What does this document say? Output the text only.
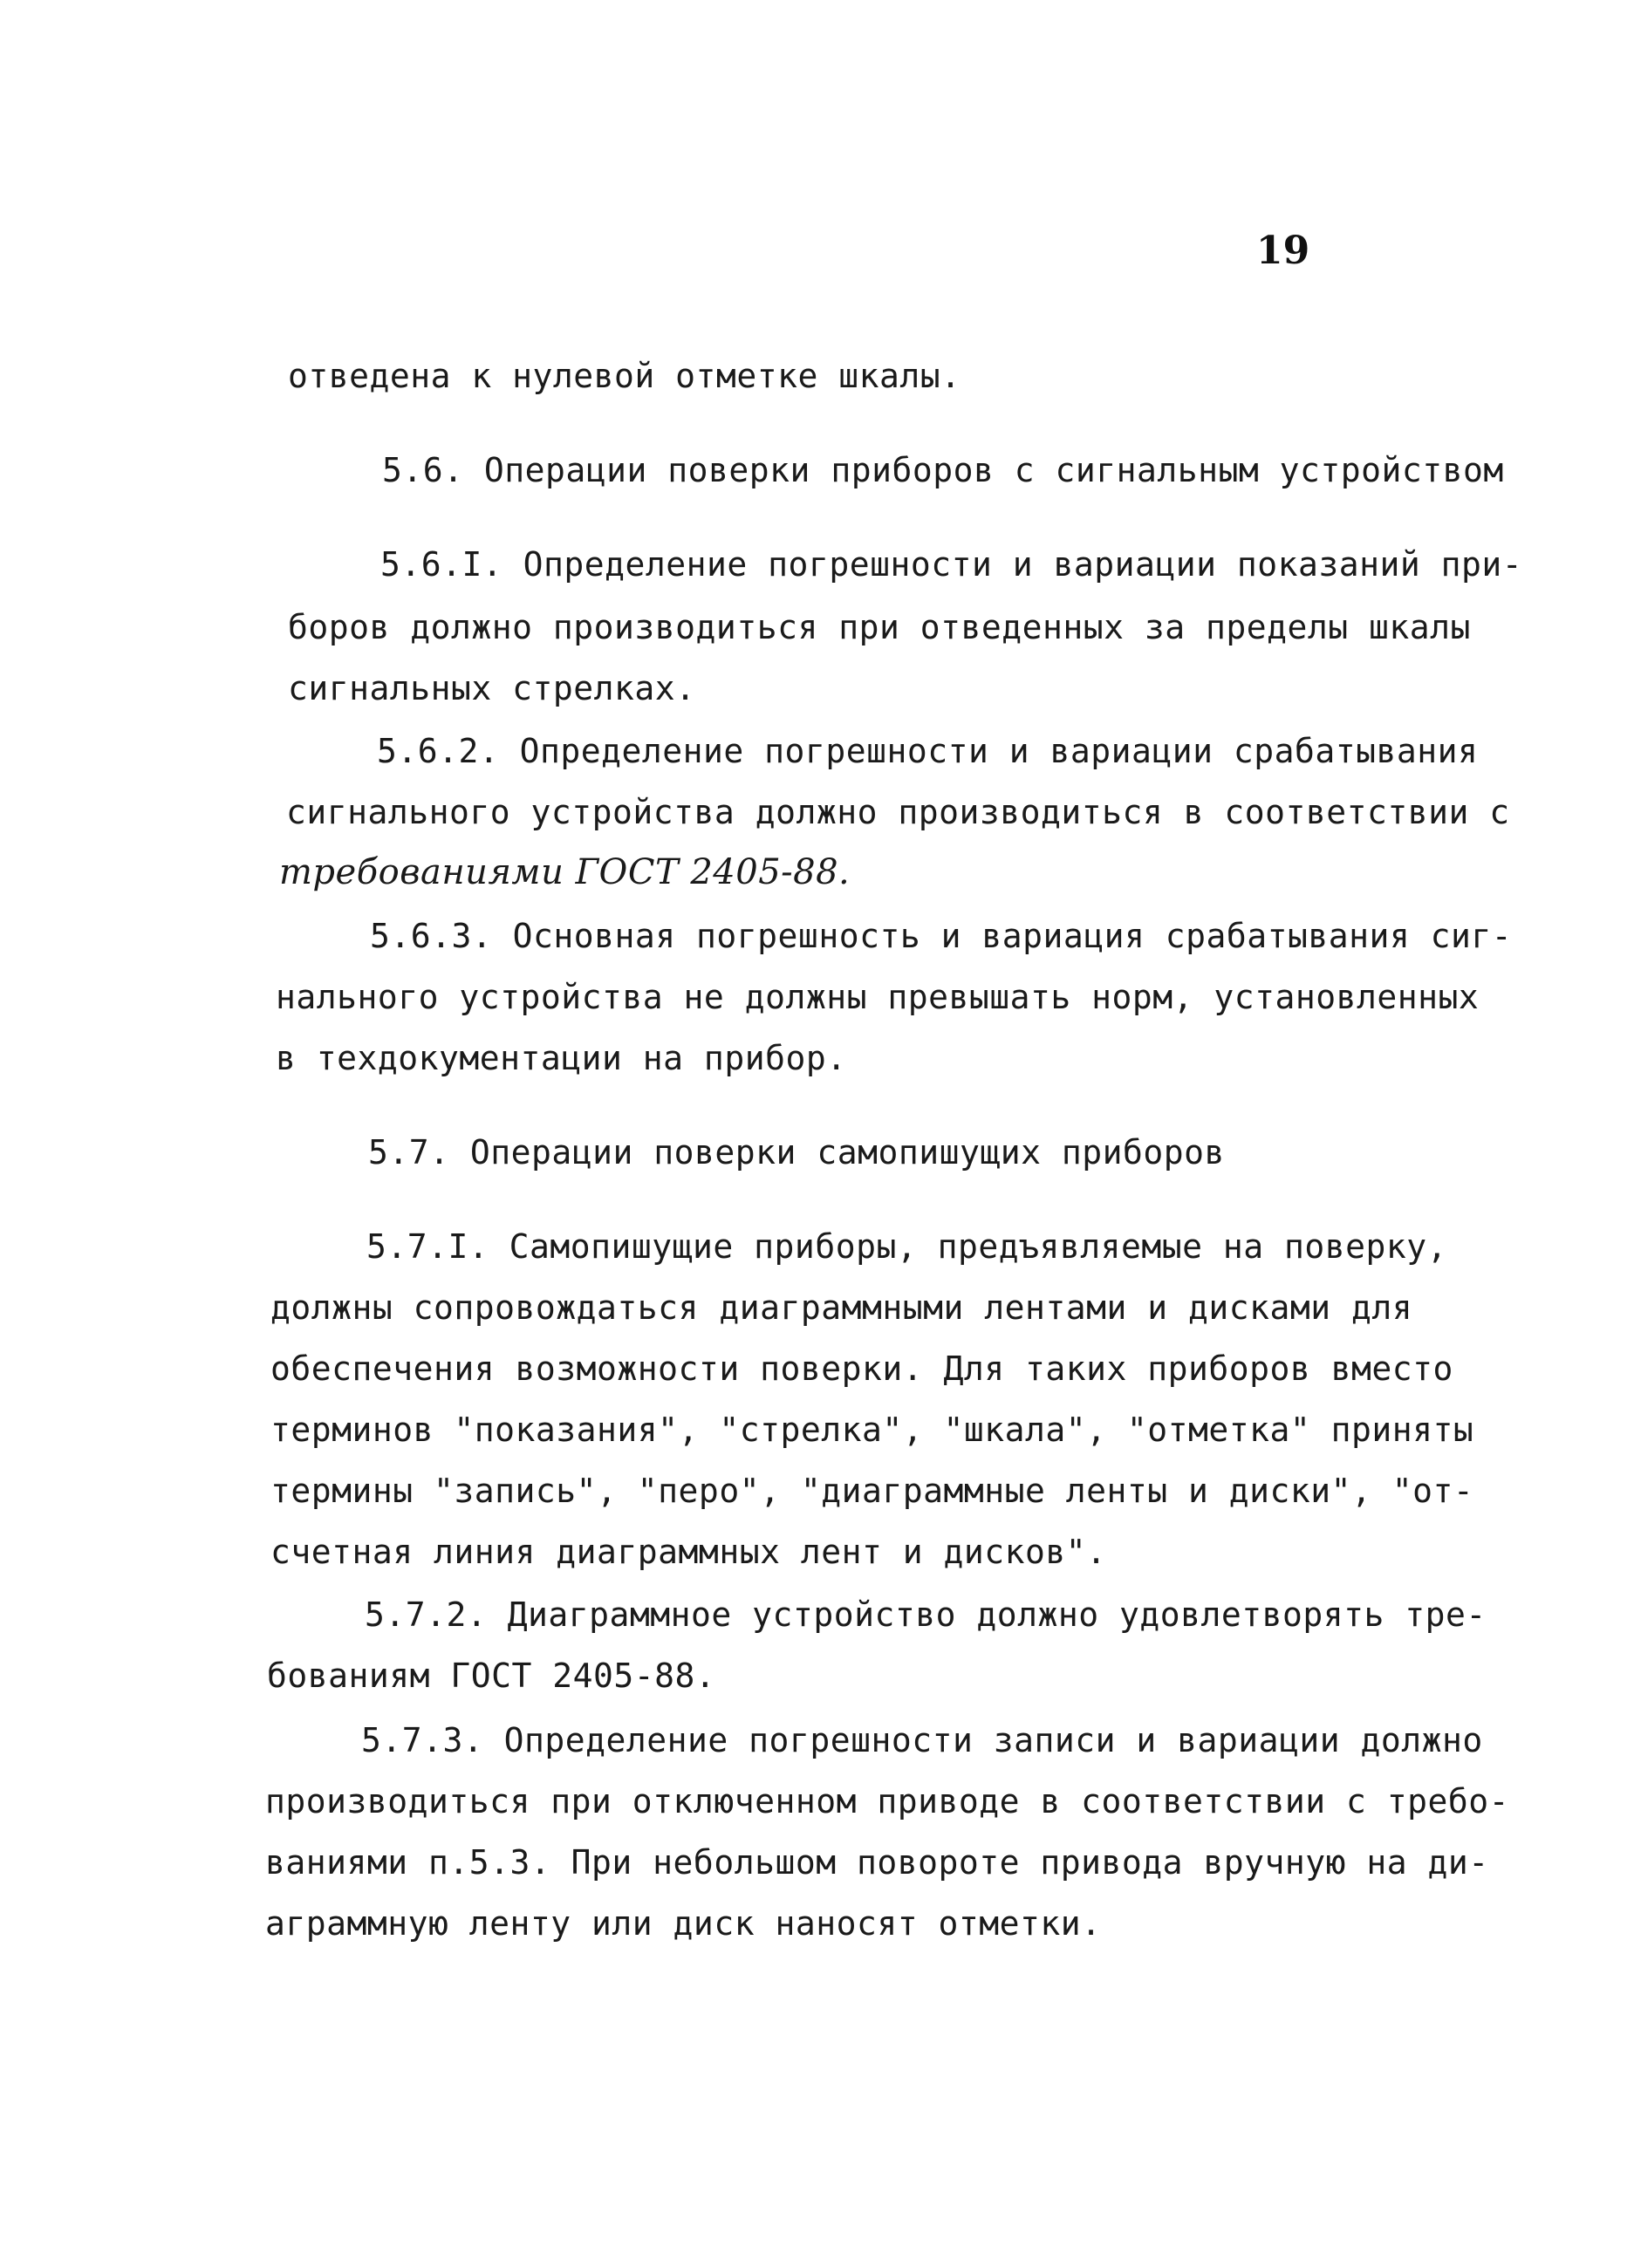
19
отведена к нулевой отметке шкалы.
5.6. Операции поверки приборов с сигнальным устройством
5.6.I. Определение погрешности и вариации показаний при-
боров должно производиться при отведенных за пределы шкалы
сигнальных стрелках.
5.6.2. Определение погрешности и вариации срабатывания
сигнального устройства должно производиться в соответствии с
требованиями ГОСТ 2405-88.
5.6.3. Основная погрешность и вариация срабатывания сиг-
нального устройства не должны превышать норм, установленных
в техдокументации на прибор.
5.7. Операции поверки самопишущих приборов
5.7.I. Самопишущие приборы, предъявляемые на поверку,
должны сопровождаться диаграммными лентами и дисками для
обеспечения возможности поверки. Для таких приборов вместо
терминов "показания", "стрелка", "шкала", "отметка" приняты
термины "запись", "перо", "диаграммные ленты и диски", "от-
счетная линия диаграммных лент и дисков".
5.7.2. Диаграммное устройство должно удовлетворять тре-
бованиям ГОСТ 2405-88.
5.7.3. Определение погрешности записи и вариации должно
производиться при отключенном приводе в соответствии с требо-
ваниями п.5.3. При небольшом повороте привода вручную на ди-
аграммную ленту или диск наносят отметки.
